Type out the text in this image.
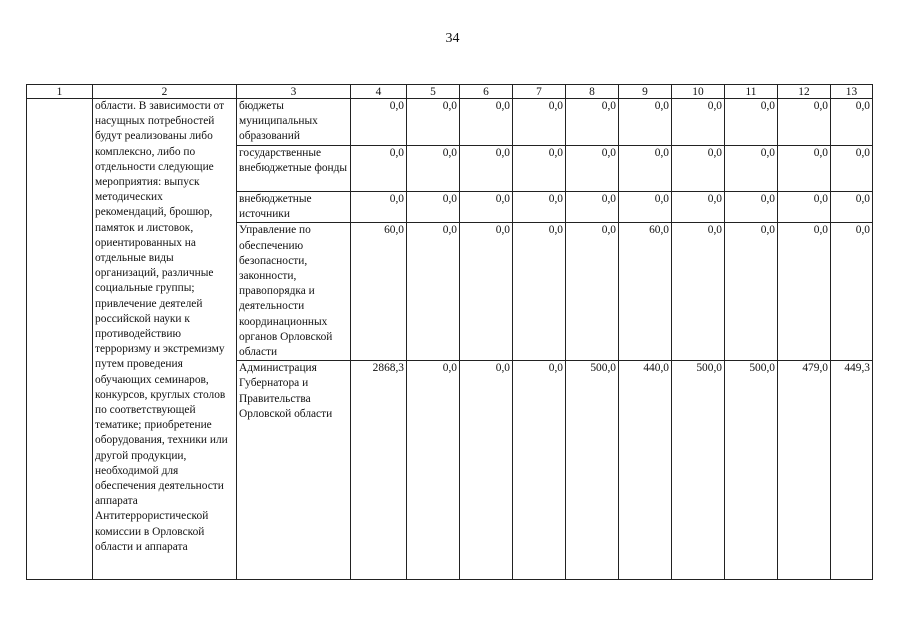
34
1	2	3	4	5	6	7	8	9	10	11	12	13
	области. В зависимости от насущных потребностей будут реализованы либо комплексно, либо по отдельности следующие мероприятия: выпуск методических рекомендаций, брошюр, памяток и листовок, ориентированных на отдельные виды организаций, различные социальные группы; привлечение деятелей российской науки к противодействию терроризму и экстремизму путем проведения обучающих семинаров, конкурсов, круглых столов по соответствующей тематике; приобретение оборудования, техники или другой продукции, необходимой для обеспечения деятельности аппарата Антитеррористической комиссии в Орловской области и аппарата	бюджеты муниципальных образований	0,0	0,0	0,0	0,0	0,0	0,0	0,0	0,0	0,0	0,0
		государственные внебюджетные фонды	0,0	0,0	0,0	0,0	0,0	0,0	0,0	0,0	0,0	0,0
		внебюджетные источники	0,0	0,0	0,0	0,0	0,0	0,0	0,0	0,0	0,0	0,0
		Управление по обеспечению безопасности, законности, правопорядка и деятельности координационных органов Орловской области	60,0	0,0	0,0	0,0	0,0	60,0	0,0	0,0	0,0	0,0
		Администрация Губернатора и Правительства Орловской области	2868,3	0,0	0,0	0,0	500,0	440,0	500,0	500,0	479,0	449,3
